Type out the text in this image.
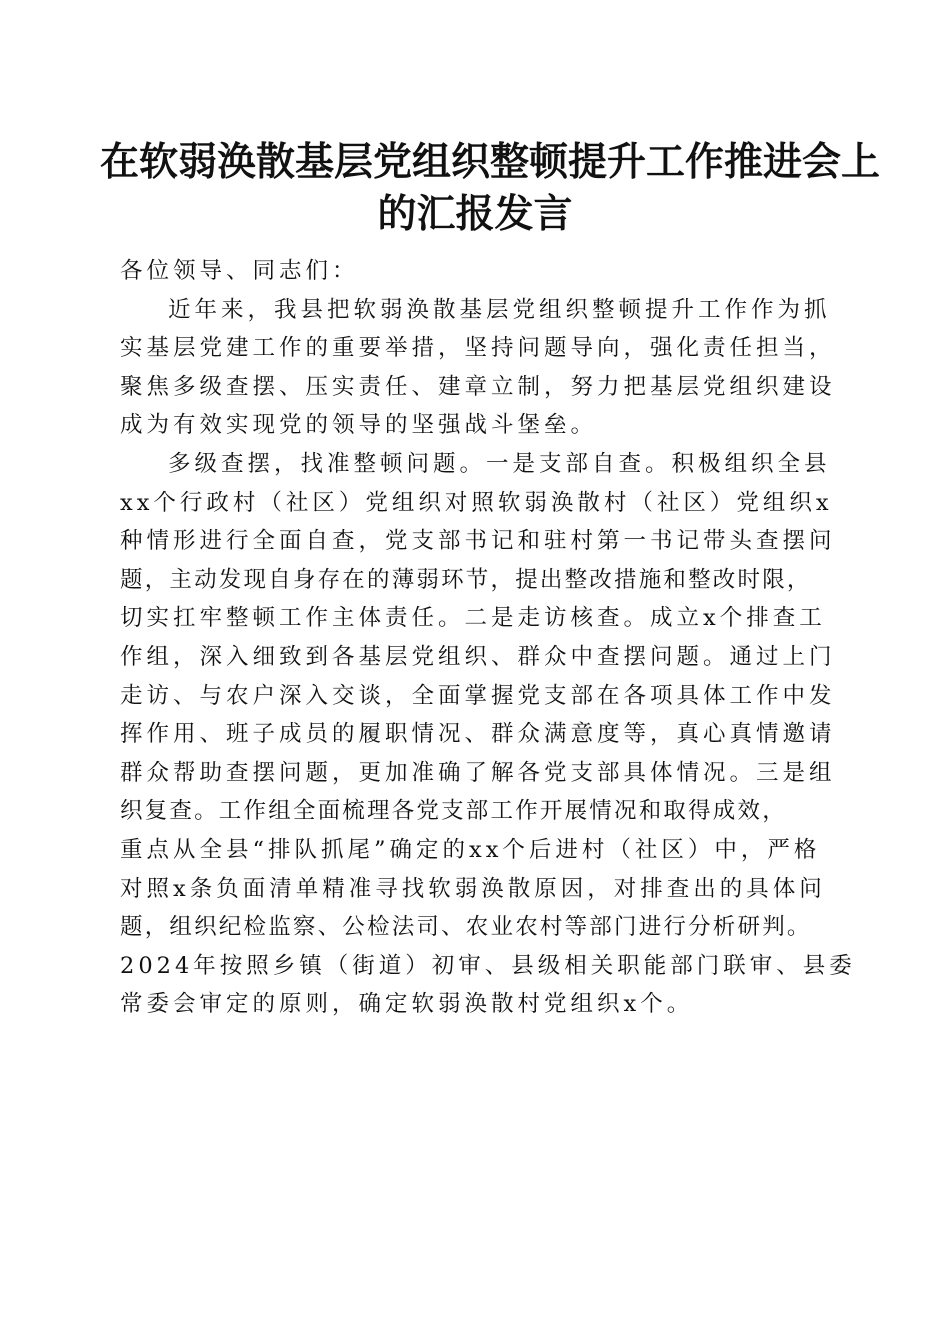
在软弱涣散基层党组织整顿提升工作推进会上
的汇报发言
各位领导、同志们：
近年来，我县把软弱涣散基层党组织整顿提升工作作为抓
实基层党建工作的重要举措，坚持问题导向，强化责任担当，
聚焦多级查摆、压实责任、建章立制，努力把基层党组织建设
成为有效实现党的领导的坚强战斗堡垒。
多级查摆，找准整顿问题。一是支部自查。积极组织全县
xx个行政村（社区）党组织对照软弱涣散村（社区）党组织x
种情形进行全面自查，党支部书记和驻村第一书记带头查摆问
题，主动发现自身存在的薄弱环节，提出整改措施和整改时限，
切实扛牢整顿工作主体责任。二是走访核查。成立x个排查工
作组，深入细致到各基层党组织、群众中查摆问题。通过上门
走访、与农户深入交谈，全面掌握党支部在各项具体工作中发
挥作用、班子成员的履职情况、群众满意度等，真心真情邀请
群众帮助查摆问题，更加准确了解各党支部具体情况。三是组
织复查。工作组全面梳理各党支部工作开展情况和取得成效，
重点从全县“排队抓尾”确定的xx个后进村（社区）中，严格
对照x条负面清单精准寻找软弱涣散原因，对排查出的具体问
题，组织纪检监察、公检法司、农业农村等部门进行分析研判。
2024年按照乡镇（街道）初审、县级相关职能部门联审、县委
常委会审定的原则，确定软弱涣散村党组织x个。
